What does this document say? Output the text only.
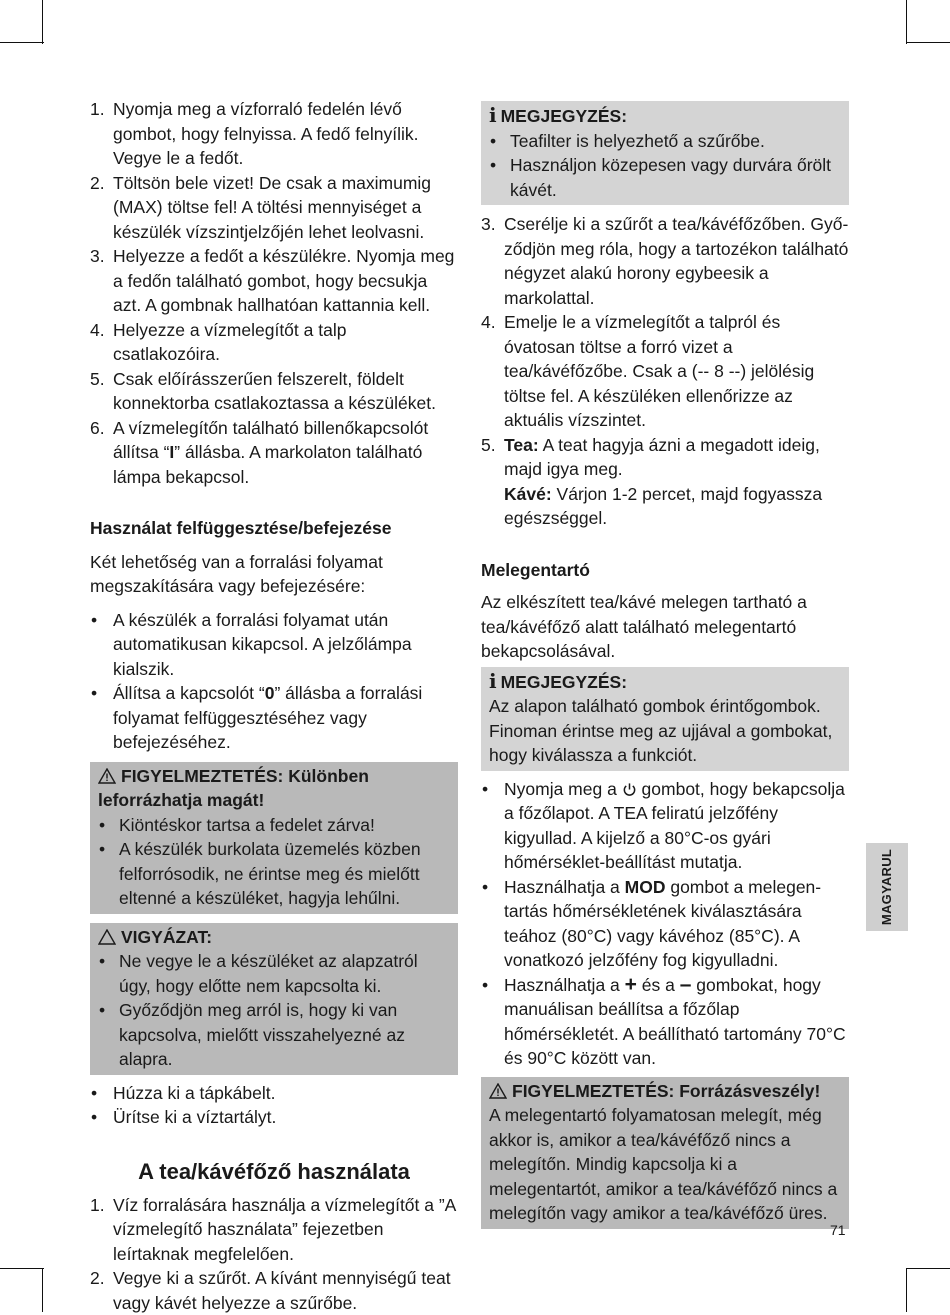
1. Nyomja meg a vízforraló fedelén lévő gombot, hogy felnyissa. A fedő felnyílik. Vegye le a fedőt.
2. Töltsön bele vizet! De csak a maximumig (MAX) töltse fel! A töltési mennyiséget a készülék vízszintjelzőjén lehet leolvasni.
3. Helyezze a fedőt a készülékre. Nyomja meg a fedőn található gombot, hogy becsukja azt. A gombnak hallhatóan kattannia kell.
4. Helyezze a vízmelegítőt a talp csatlakozóira.
5. Csak előírásszerűen felszerelt, földelt konnektorba csatlakoztassa a készüléket.
6. A vízmelegítőn található billenőkapcsolót állítsa “I” állásba. A markolaton található lámpa bekapcsol.

Használat felfüggesztése/befejezése

Két lehetőség van a forralási folyamat megszakítására vagy befejezésére:

• A készülék a forralási folyamat után automatikusan kikapcsol. A jelzőlámpa kialszik.
• Állítsa a kapcsolót “0” állásba a forralási folyamat felfüggesztéséhez vagy befejezéséhez.
FIGYELMEZTETÉS: Különben leforrázhatja magát!
• Kiöntéskor tartsa a fedelet zárva!
• A készülék burkolata üzemelés közben felforrósodik, ne érintse meg és mielőtt eltenné a készüléket, hagyja lehűlni.
VIGYÁZAT:
• Ne vegye le a készüléket az alapzatról úgy, hogy előtte nem kapcsolta ki.
• Győződjön meg arról is, hogy ki van kapcsolva, mielőtt visszahelyezné az alapra.
• Húzza ki a tápkábelt.
• Ürítse ki a víztartályt.
A tea/kávéfőző használata
1. Víz forralására használja a vízmelegítőt a ”A vízmelegítő használata” fejezetben leírtaknak megfelelően.
2. Vegye ki a szűrőt. A kívánt mennyiségű teat vagy kávét helyezze a szűrőbe.
i MEGJEGYZÉS:
• Teafilter is helyezhető a szűrőbe.
• Használjon közepesen vagy durvára őrölt kávét.
3. Cserélje ki a szűrőt a tea/kávéfőzőben. Győződjön meg róla, hogy a tartozékon található négyzet alakú horony egybeesik a markolattal.
4. Emelje le a vízmelegítőt a talpról és óvatosan töltse a forró vizet a tea/kávéfőzőbe. Csak a (-- 8 --) jelölésig töltse fel. A készüléken ellenőrizze az aktuális vízszintet.
5. Tea: A teat hagyja ázni a megadott ideig, majd igya meg.
Kávé: Várjon 1-2 percet, majd fogyassza egészséggel.

Melegentartó

Az elkészített tea/kávé melegen tartható a tea/kávéfőző alatt található melegentartó bekapcsolásával.

i MEGJEGYZÉS:

Az alapon található gombok érintőgombok. Finoman érintse meg az ujjával a gombokat, hogy kiválassza a funkciót.

• Nyomja meg a  gombot, hogy bekapcsolja a főzőlapot. A TEA feliratú jelzőfény kigyullad. A kijelző a 80°C-os gyári hőmérséklet-beállítást mutatja.
• Használhatja a MOD gombot a melegen-tartás hőmérsékletének kiválasztására teához (80°C) vagy kávéhoz (85°C). A vonatkozó jelzőfény fog kigyulladni.
• Használhatja a + és a – gombokat, hogy manuálisan beállítsa a főzőlap hőmérsékletét. A beállítható tartomány 70°C és 90°C között van.
FIGYELMEZTETÉS: Forrázásveszély!

A melegentartó folyamatosan melegít, még akkor is, amikor a tea/kávéfőző nincs a melegítőn. Mindig kapcsolja ki a melegentartót, amikor a tea/kávéfőző nincs a melegítőn vagy amikor a tea/kávéfőző üres.

MAGYARUL
71
